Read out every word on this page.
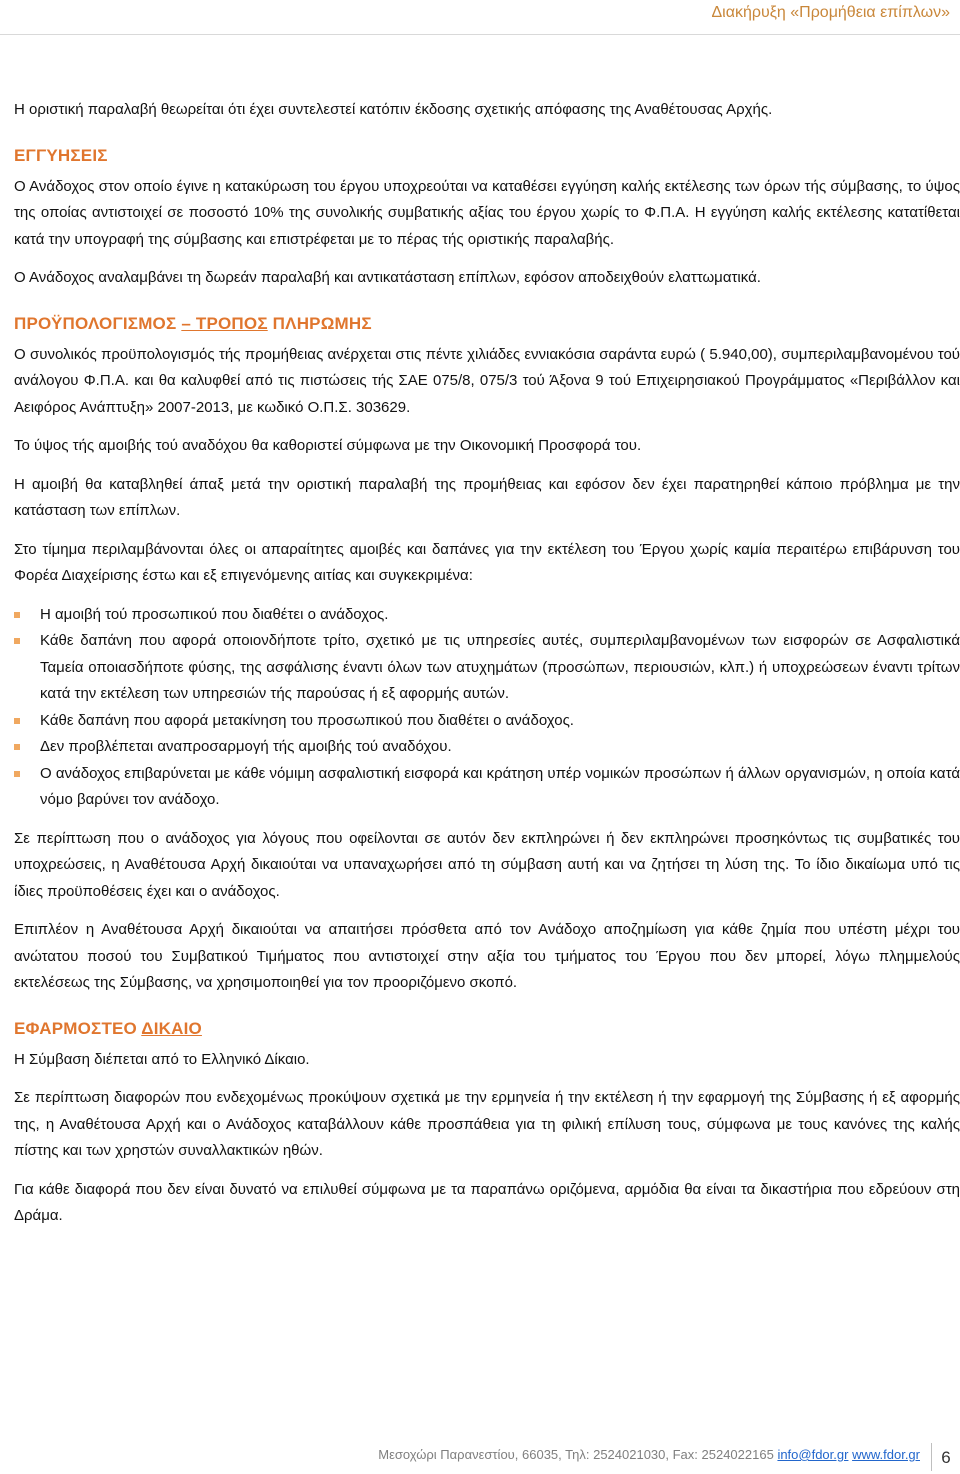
Διακήρυξη «Προμήθεια επίπλων»

Η οριστική παραλαβή θεωρείται ότι έχει συντελεστεί κατόπιν έκδοσης σχετικής απόφασης της Αναθέτουσας Αρχής.

ΕΓΓΥΗΣΕΙΣ

Ο Ανάδοχος στον οποίο έγινε η κατακύρωση του έργου υποχρεούται να καταθέσει εγγύηση καλής εκτέλεσης των όρων τής σύμβασης, το ύψος της οποίας αντιστοιχεί σε ποσοστό 10% της συνολικής συμβατικής αξίας του έργου χωρίς το Φ.Π.Α. Η εγγύηση καλής εκτέλεσης κατατίθεται κατά την υπογραφή της σύμβασης και επιστρέφεται με το πέρας τής οριστικής παραλαβής.

Ο Ανάδοχος αναλαμβάνει τη δωρεάν παραλαβή και αντικατάσταση επίπλων, εφόσον αποδειχθούν ελαττωματικά.

ΠΡΟΫΠΟΛΟΓΙΣΜΟΣ – ΤΡΟΠΟΣ ΠΛΗΡΩΜΗΣ

Ο συνολικός προϋπολογισμός τής προμήθειας ανέρχεται στις πέντε χιλιάδες εννιακόσια σαράντα ευρώ ( 5.940,00), συμπεριλαμβανομένου τού ανάλογου Φ.Π.Α. και θα καλυφθεί από τις πιστώσεις τής ΣΑΕ 075/8, 075/3 τού Άξονα 9 τού Επιχειρησιακού Προγράμματος «Περιβάλλον και Αειφόρος Ανάπτυξη» 2007-2013, με κωδικό Ο.Π.Σ. 303629.

Το ύψος τής αμοιβής τού αναδόχου θα καθοριστεί σύμφωνα με την Οικονομική Προσφορά του.

Η αμοιβή θα καταβληθεί άπαξ μετά την οριστική παραλαβή της προμήθειας και εφόσον δεν έχει παρατηρηθεί κάποιο πρόβλημα με την κατάσταση των επίπλων.

Στο τίμημα περιλαμβάνονται όλες οι απαραίτητες αμοιβές και δαπάνες για την εκτέλεση του Έργου χωρίς καμία περαιτέρω επιβάρυνση του Φορέα Διαχείρισης έστω και εξ επιγενόμενης αιτίας και συγκεκριμένα:

Η αμοιβή τού προσωπικού που διαθέτει ο ανάδοχος.
Κάθε δαπάνη που αφορά οποιονδήποτε τρίτο, σχετικό με τις υπηρεσίες αυτές, συμπεριλαμβανομένων των εισφορών σε Ασφαλιστικά Ταμεία οποιασδήποτε φύσης, της ασφάλισης έναντι όλων των ατυχημάτων (προσώπων, περιουσιών, κλπ.) ή υποχρεώσεων έναντι τρίτων κατά την εκτέλεση των υπηρεσιών τής παρούσας ή εξ αφορμής αυτών.
Κάθε δαπάνη που αφορά μετακίνηση του προσωπικού που διαθέτει ο ανάδοχος.
Δεν προβλέπεται αναπροσαρμογή τής αμοιβής τού αναδόχου.
Ο ανάδοχος επιβαρύνεται με κάθε νόμιμη ασφαλιστική εισφορά και κράτηση υπέρ νομικών προσώπων ή άλλων οργανισμών, η οποία κατά νόμο βαρύνει τον ανάδοχο.

Σε περίπτωση που ο ανάδοχος για λόγους που οφείλονται σε αυτόν δεν εκπληρώνει ή δεν εκπληρώνει προσηκόντως τις συμβατικές του υποχρεώσεις, η Αναθέτουσα Αρχή δικαιούται να υπαναχωρήσει από τη σύμβαση αυτή και να ζητήσει τη λύση της. Το ίδιο δικαίωμα υπό τις ίδιες προϋποθέσεις έχει και ο ανάδοχος.

Επιπλέον η Αναθέτουσα Αρχή δικαιούται να απαιτήσει πρόσθετα από τον Ανάδοχο αποζημίωση για κάθε ζημία που υπέστη μέχρι του ανώτατου ποσού του Συμβατικού Τιμήματος που αντιστοιχεί στην αξία του τμήματος του Έργου που δεν μπορεί, λόγω πλημμελούς εκτελέσεως της Σύμβασης, να χρησιμοποιηθεί για τον προοριζόμενο σκοπό.

ΕΦΑΡΜΟΣΤΕΟ ΔΙΚΑΙΟ

Η Σύμβαση διέπεται από το Ελληνικό Δίκαιο.

Σε περίπτωση διαφορών που ενδεχομένως προκύψουν σχετικά με την ερμηνεία ή την εκτέλεση ή την εφαρμογή της Σύμβασης ή εξ αφορμής της, η Αναθέτουσα Αρχή και ο Ανάδοχος καταβάλλουν κάθε προσπάθεια για τη φιλική επίλυση τους, σύμφωνα με τους κανόνες της καλής πίστης και των χρηστών συναλλακτικών ηθών.

Για κάθε διαφορά που δεν είναι δυνατό να επιλυθεί σύμφωνα με τα παραπάνω οριζόμενα, αρμόδια θα είναι τα δικαστήρια που εδρεύουν στη Δράμα.

Μεσοχώρι Παρανεστίου, 66035, Τηλ: 2524021030, Fax: 2524022165 info@fdor.gr www.fdor.gr	6
